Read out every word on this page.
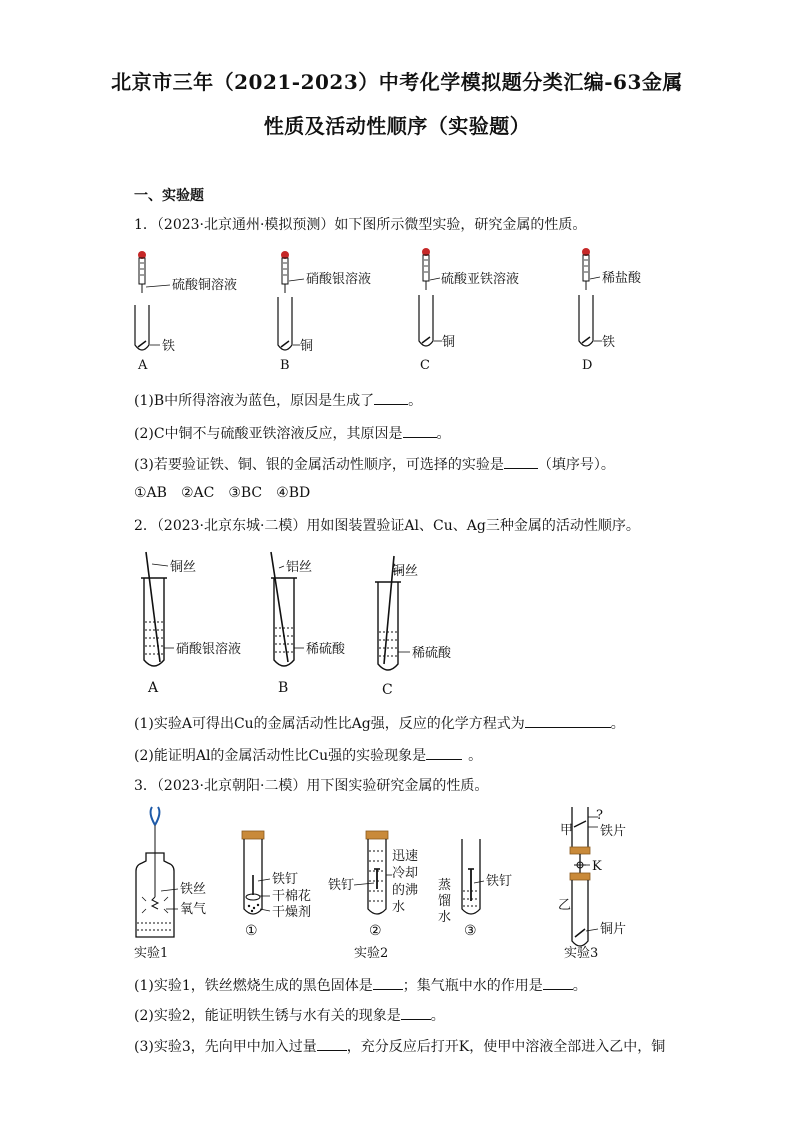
北京市三年（2021-2023）中考化学模拟题分类汇编-63金属
性质及活动性顺序（实验题）
一、实验题
1．（2023·北京通州·模拟预测）如下图所示微型实验，研究金属的性质。
硫酸铜溶液
铁
A
硝酸银溶液
铜
B
硫酸亚铁溶液
铜
C
稀盐酸
铁
D
(1)B中所得溶液为蓝色，原因是生成了 。
(2)C中铜不与硫酸亚铁溶液反应，其原因是 。
(3)若要验证铁、铜、银的金属活动性顺序，可选择的实验是 （填序号）。
①AB ②AC ③BC ④BD
2．（2023·北京东城·二模）用如图装置验证Al、Cu、Ag三种金属的活动性顺序。
铜丝
硝酸银溶液
A
铝丝
稀硫酸
B
铜丝
稀硫酸
C
(1)实验A可得出Cu的金属活动性比Ag强，反应的化学方程式为	。
(2)能证明Al的金属活动性比Cu强的实验现象是	。
3．（2023·北京朝阳·二模）用下图实验研究金属的性质。
铁丝
氧气
实验1
铁钉
干棉花
干燥剂
①
铁钉
迅速
冷却
的沸
水
②
铁钉
蒸
馏
水
③
实验2
?
铁片
甲
K
乙
铜片
实验3
(1)实验1，铁丝燃烧生成的黑色固体是 ；集气瓶中水的作用是 。
(2)实验2，能证明铁生锈与水有关的现象是 。
(3)实验3，先向甲中加入过量 ，充分反应后打开K，使甲中溶液全部进入乙中，铜
